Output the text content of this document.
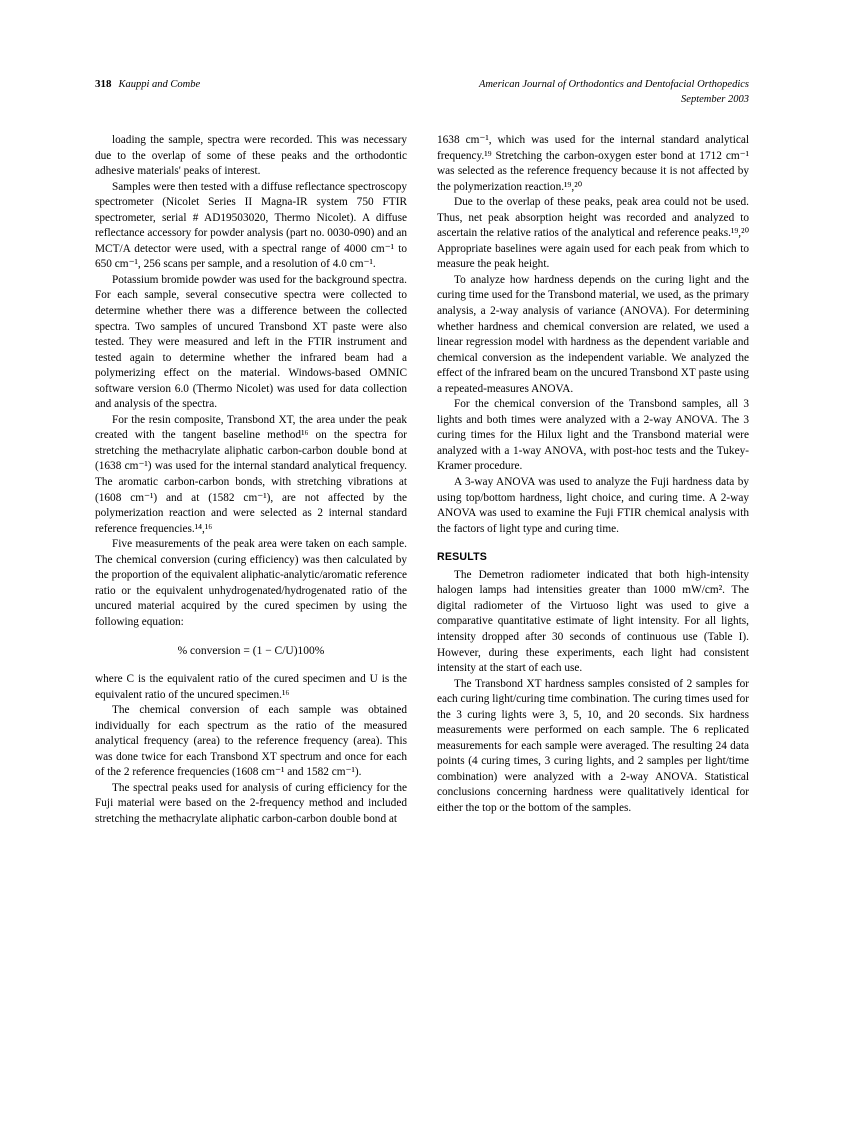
318 Kauppi and Combe	American Journal of Orthodontics and Dentofacial Orthopedics
September 2003

loading the sample, spectra were recorded. This was necessary due to the overlap of some of these peaks and the orthodontic adhesive materials' peaks of interest.

Samples were then tested with a diffuse reflectance spectroscopy spectrometer (Nicolet Series II Magna-IR system 750 FTIR spectrometer, serial # AD19503020, Thermo Nicolet). A diffuse reflectance accessory for powder analysis (part no. 0030-090) and an MCT/A detector were used, with a spectral range of 4000 cm⁻¹ to 650 cm⁻¹, 256 scans per sample, and a resolution of 4.0 cm⁻¹.

Potassium bromide powder was used for the background spectra. For each sample, several consecutive spectra were collected to determine whether there was a difference between the collected spectra. Two samples of uncured Transbond XT paste were also tested. They were measured and left in the FTIR instrument and tested again to determine whether the infrared beam had a polymerizing effect on the material. Windows-based OMNIC software version 6.0 (Thermo Nicolet) was used for data collection and analysis of the spectra.

For the resin composite, Transbond XT, the area under the peak created with the tangent baseline method¹⁶ on the spectra for stretching the methacrylate aliphatic carbon-carbon double bond at (1638 cm⁻¹) was used for the internal standard analytical frequency. The aromatic carbon-carbon bonds, with stretching vibrations at (1608 cm⁻¹) and at (1582 cm⁻¹), are not affected by the polymerization reaction and were selected as 2 internal standard reference frequencies.¹⁴,¹⁶

Five measurements of the peak area were taken on each sample. The chemical conversion (curing efficiency) was then calculated by the proportion of the equivalent aliphatic-analytic/aromatic reference ratio or the equivalent unhydrogenated/hydrogenated ratio of the uncured material acquired by the cured specimen by using the following equation:

% conversion = (1 − C/U)100%

where C is the equivalent ratio of the cured specimen and U is the equivalent ratio of the uncured specimen.¹⁶

The chemical conversion of each sample was obtained individually for each spectrum as the ratio of the measured analytical frequency (area) to the reference frequency (area). This was done twice for each Transbond XT spectrum and once for each of the 2 reference frequencies (1608 cm⁻¹ and 1582 cm⁻¹).

The spectral peaks used for analysis of curing efficiency for the Fuji material were based on the 2-frequency method and included stretching the methacrylate aliphatic carbon-carbon double bond at

1638 cm⁻¹, which was used for the internal standard analytical frequency.¹⁹ Stretching the carbon-oxygen ester bond at 1712 cm⁻¹ was selected as the reference frequency because it is not affected by the polymerization reaction.¹⁹,²⁰

Due to the overlap of these peaks, peak area could not be used. Thus, net peak absorption height was recorded and analyzed to ascertain the relative ratios of the analytical and reference peaks.¹⁹,²⁰ Appropriate baselines were again used for each peak from which to measure the peak height.

To analyze how hardness depends on the curing light and the curing time used for the Transbond material, we used, as the primary analysis, a 2-way analysis of variance (ANOVA). For determining whether hardness and chemical conversion are related, we used a linear regression model with hardness as the dependent variable and chemical conversion as the independent variable. We analyzed the effect of the infrared beam on the uncured Transbond XT paste using a repeated-measures ANOVA.

For the chemical conversion of the Transbond samples, all 3 lights and both times were analyzed with a 2-way ANOVA. The 3 curing times for the Hilux light and the Transbond material were analyzed with a 1-way ANOVA, with post-hoc tests and the Tukey-Kramer procedure.

A 3-way ANOVA was used to analyze the Fuji hardness data by using top/bottom hardness, light choice, and curing time. A 2-way ANOVA was used to examine the Fuji FTIR chemical analysis with the factors of light type and curing time.

RESULTS

The Demetron radiometer indicated that both high-intensity halogen lamps had intensities greater than 1000 mW/cm². The digital radiometer of the Virtuoso light was used to give a comparative quantitative estimate of light intensity. For all lights, intensity dropped after 30 seconds of continuous use (Table I). However, during these experiments, each light had consistent intensity at the start of each use.

The Transbond XT hardness samples consisted of 2 samples for each curing light/curing time combination. The curing times used for the 3 curing lights were 3, 5, 10, and 20 seconds. Six hardness measurements were performed on each sample. The 6 replicated measurements for each sample were averaged. The resulting 24 data points (4 curing times, 3 curing lights, and 2 samples per light/time combination) were analyzed with a 2-way ANOVA. Statistical conclusions concerning hardness were qualitatively identical for either the top or the bottom of the samples.
